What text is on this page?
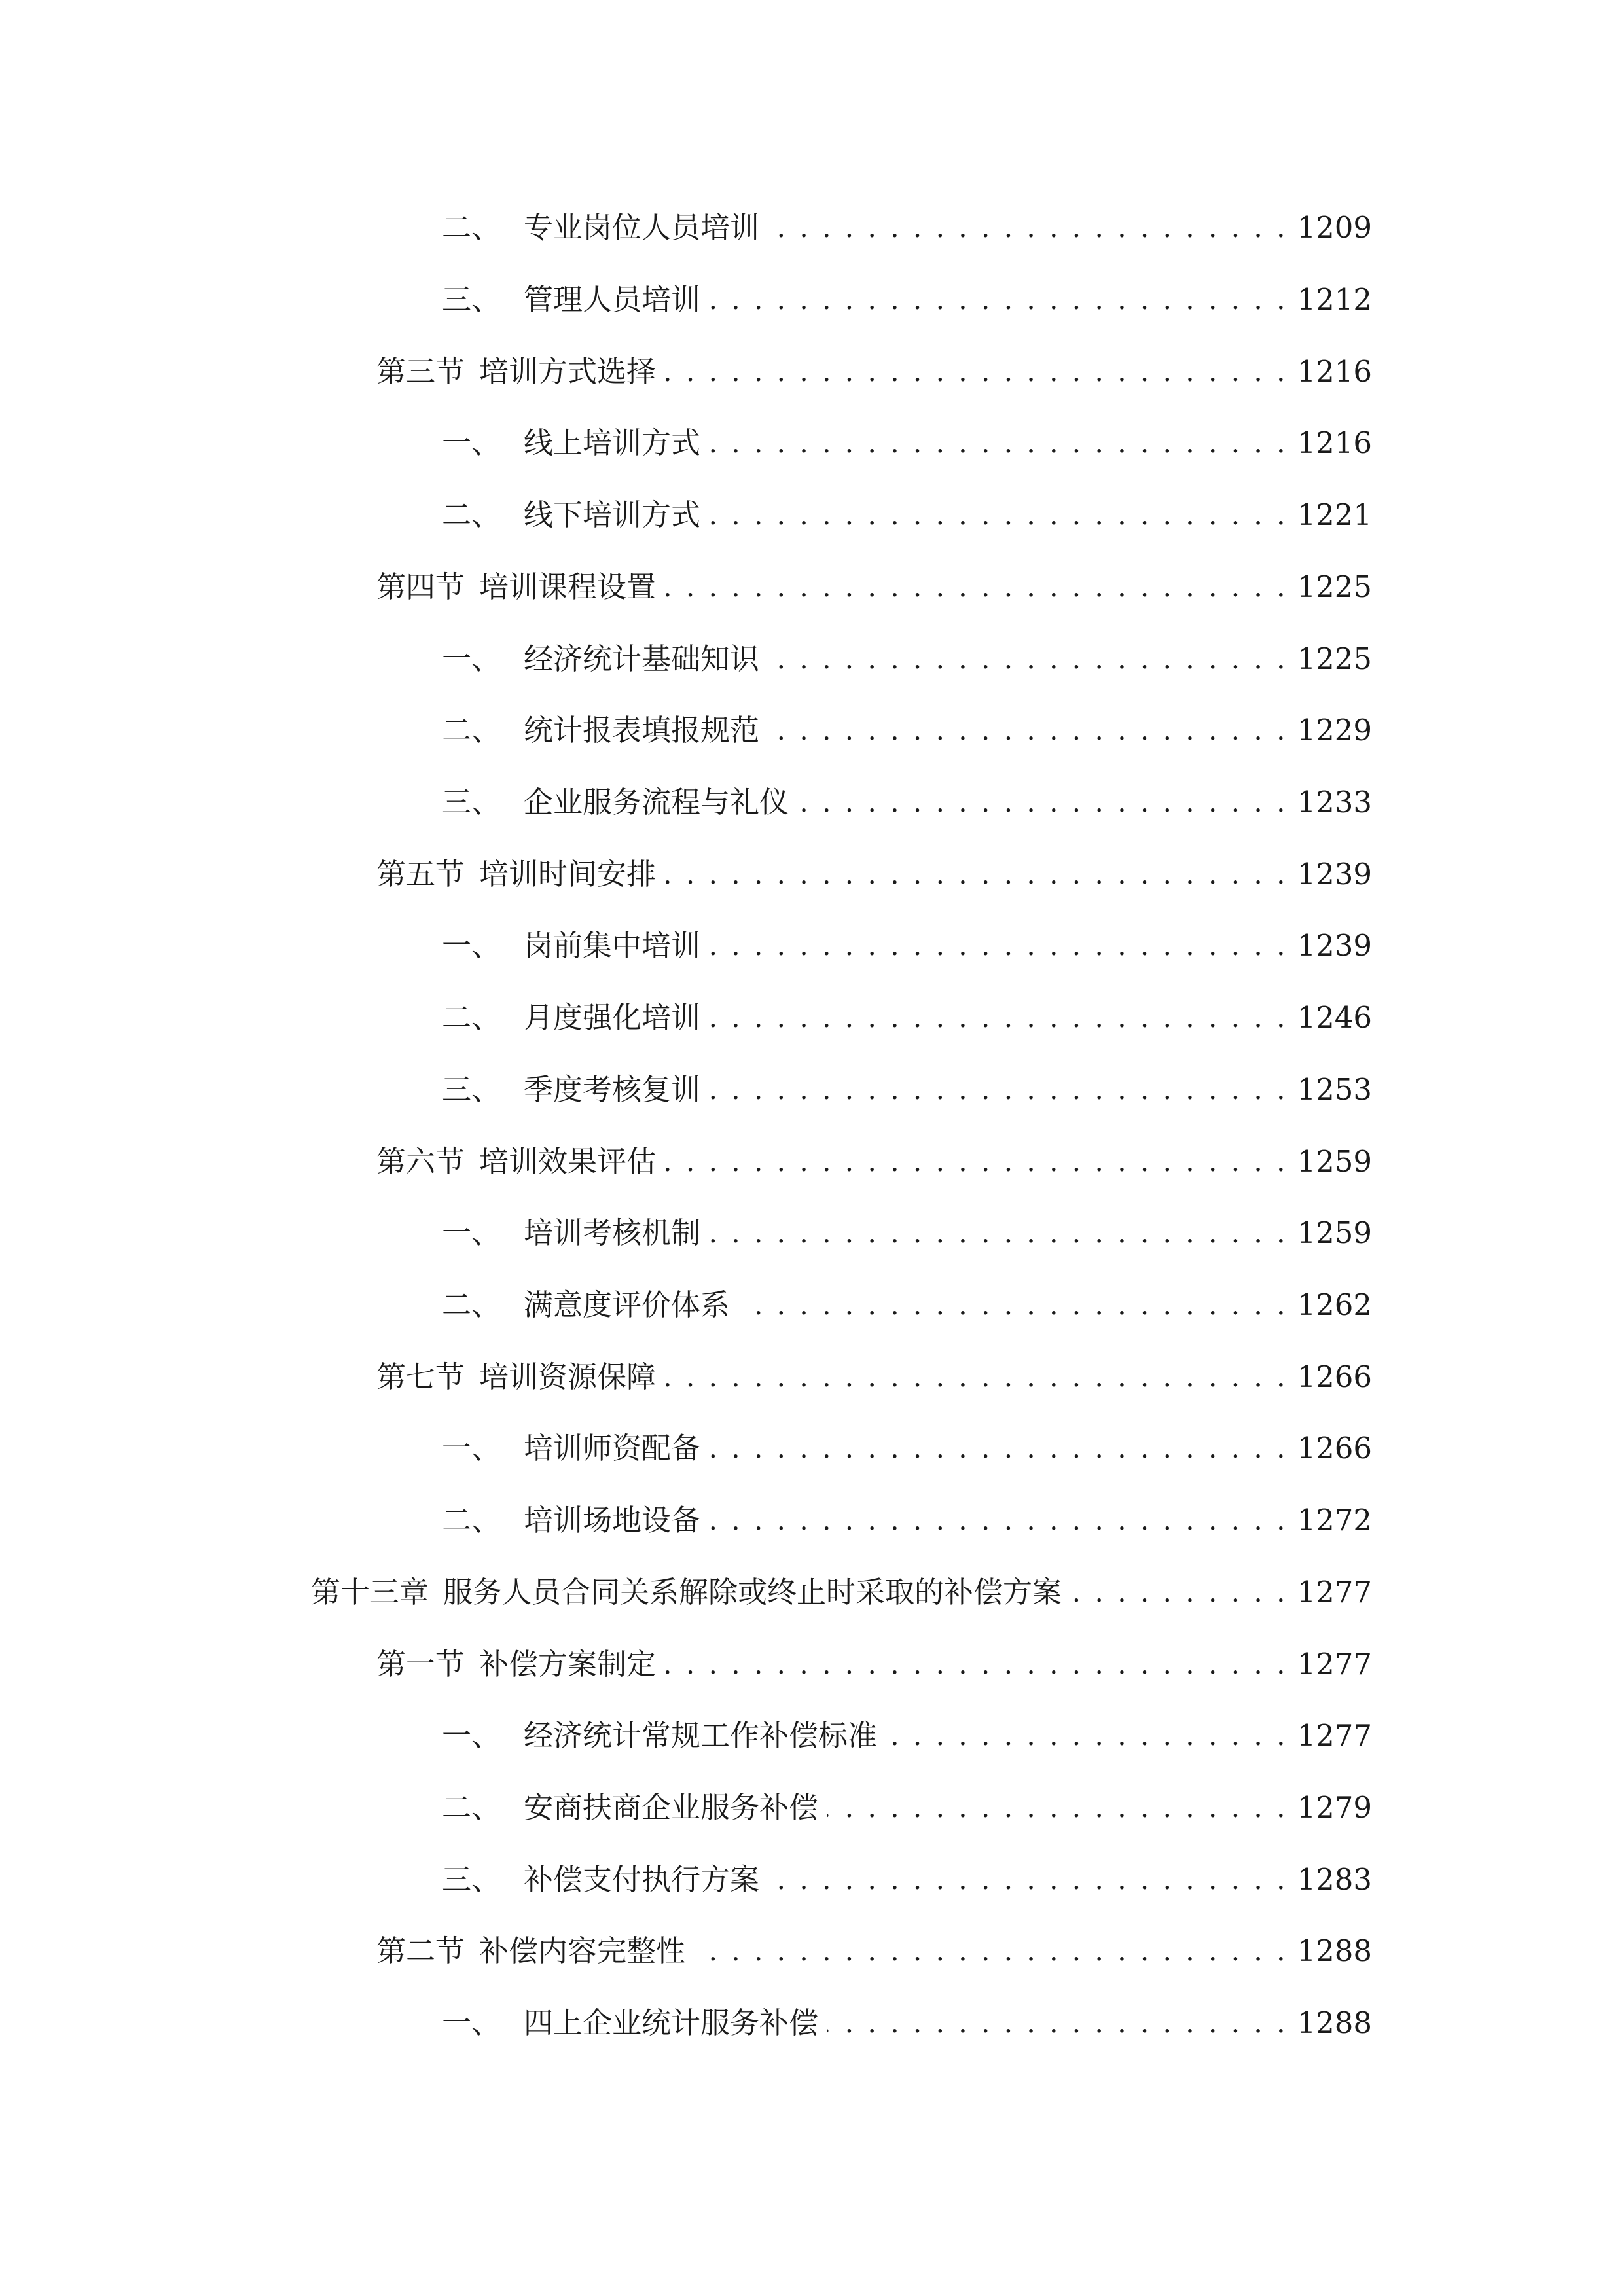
二、 专业岗位人员培训 . . .	1209
三、 管理人员培训 . . .	1212
第三节 培训方式选择 . . .	1216
一、 线上培训方式 . . .	1216
二、 线下培训方式 . . .	1221
第四节 培训课程设置 . . .	1225
一、 经济统计基础知识 . . .	1225
二、 统计报表填报规范 . . .	1229
三、 企业服务流程与礼仪 . . .	1233
第五节 培训时间安排 . . .	1239
一、 岗前集中培训 . . .	1239
二、 月度强化培训 . . .	1246
三、 季度考核复训 . . .	1253
第六节 培训效果评估 . . .	1259
一、 培训考核机制 . . .	1259
二、 满意度评价体系 . . .	1262
第七节 培训资源保障 . . .	1266
一、 培训师资配备 . . .	1266
二、 培训场地设备 . . .	1272
第十三章 服务人员合同关系解除或终止时采取的补偿方案 . . .	1277
第一节 补偿方案制定 . . .	1277
一、 经济统计常规工作补偿标准 . . .	1277
二、 安商扶商企业服务补偿 . . .	1279
三、 补偿支付执行方案 . . .	1283
第二节 补偿内容完整性 . . .	1288
一、 四上企业统计服务补偿 . . .	1288
